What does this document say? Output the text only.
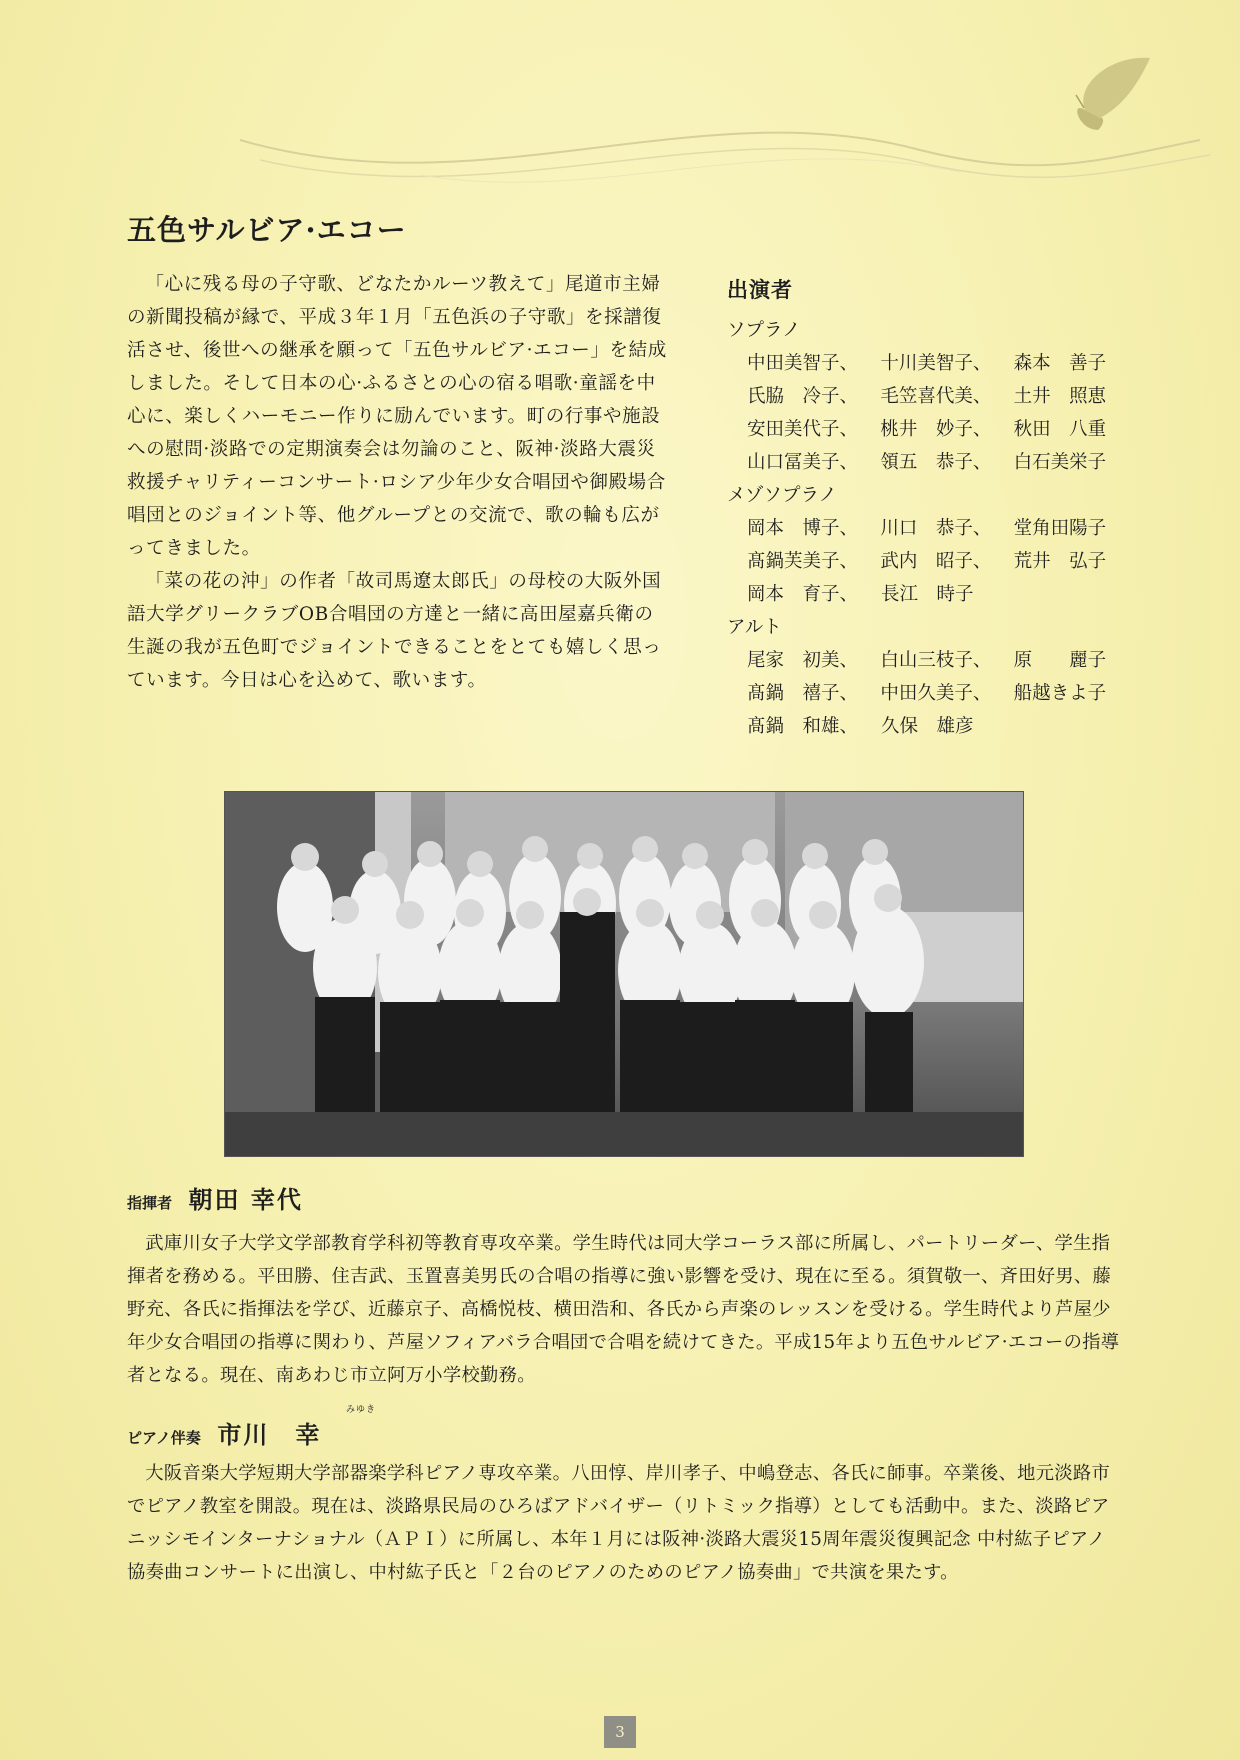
五色サルビア·エコー

「心に残る母の子守歌、どなたかルーツ教えて」尾道市主婦の新聞投稿が縁で、平成３年１月「五色浜の子守歌」を採譜復活させ、後世への継承を願って「五色サルビア·エコー」を結成しました。そして日本の心·ふるさとの心の宿る唱歌·童謡を中心に、楽しくハーモニー作りに励んでいます。町の行事や施設への慰問·淡路での定期演奏会は勿論のこと、阪神·淡路大震災救援チャリティーコンサート·ロシア少年少女合唱団や御殿場合唱団とのジョイント等、他グループとの交流で、歌の輪も広がってきました。

「菜の花の沖」の作者「故司馬遼太郎氏」の母校の大阪外国語大学グリークラブOB合唱団の方達と一緒に高田屋嘉兵衛の生誕の我が五色町でジョイントできることをとても嬉しく思っています。今日は心を込めて、歌います。

出演者
ソプラノ
中田美智子、	十川美智子、	森本　善子
氏脇　冷子、	毛笠喜代美、	土井　照恵
安田美代子、	桃井　妙子、	秋田　八重
山口冨美子、	領五　恭子、	白石美栄子
メゾソプラノ
岡本　博子、	川口　恭子、	堂角田陽子
髙鍋芙美子、	武内　昭子、	荒井　弘子
岡本　育子、	長江　時子
アルト
尾家　初美、	白山三枝子、	原　　麗子
髙鍋　禧子、	中田久美子、	船越きよ子
髙鍋　和雄、	久保　雄彦
指揮者 朝田 幸代

武庫川女子大学文学部教育学科初等教育専攻卒業。学生時代は同大学コーラス部に所属し、パートリーダー、学生指揮者を務める。平田勝、住吉武、玉置喜美男氏の合唱の指導に強い影響を受け、現在に至る。須賀敬一、斉田好男、藤野充、各氏に指揮法を学び、近藤京子、高橋悦枝、横田浩和、各氏から声楽のレッスンを受ける。学生時代より芦屋少年少女合唱団の指導に関わり、芦屋ソフィアバラ合唱団で合唱を続けてきた。平成15年より五色サルビア·エコーの指導者となる。現在、南あわじ市立阿万小学校勤務。

みゆき
ピアノ伴奏 市川　幸

大阪音楽大学短期大学部器楽学科ピアノ専攻卒業。八田惇、岸川孝子、中嶋登志、各氏に師事。卒業後、地元淡路市でピアノ教室を開設。現在は、淡路県民局のひろばアドバイザー（リトミック指導）としても活動中。また、淡路ピアニッシモインターナショナル（ＡＰＩ）に所属し、本年１月には阪神·淡路大震災15周年震災復興記念 中村紘子ピアノ協奏曲コンサートに出演し、中村紘子氏と「２台のピアノのためのピアノ協奏曲」で共演を果たす。

3
